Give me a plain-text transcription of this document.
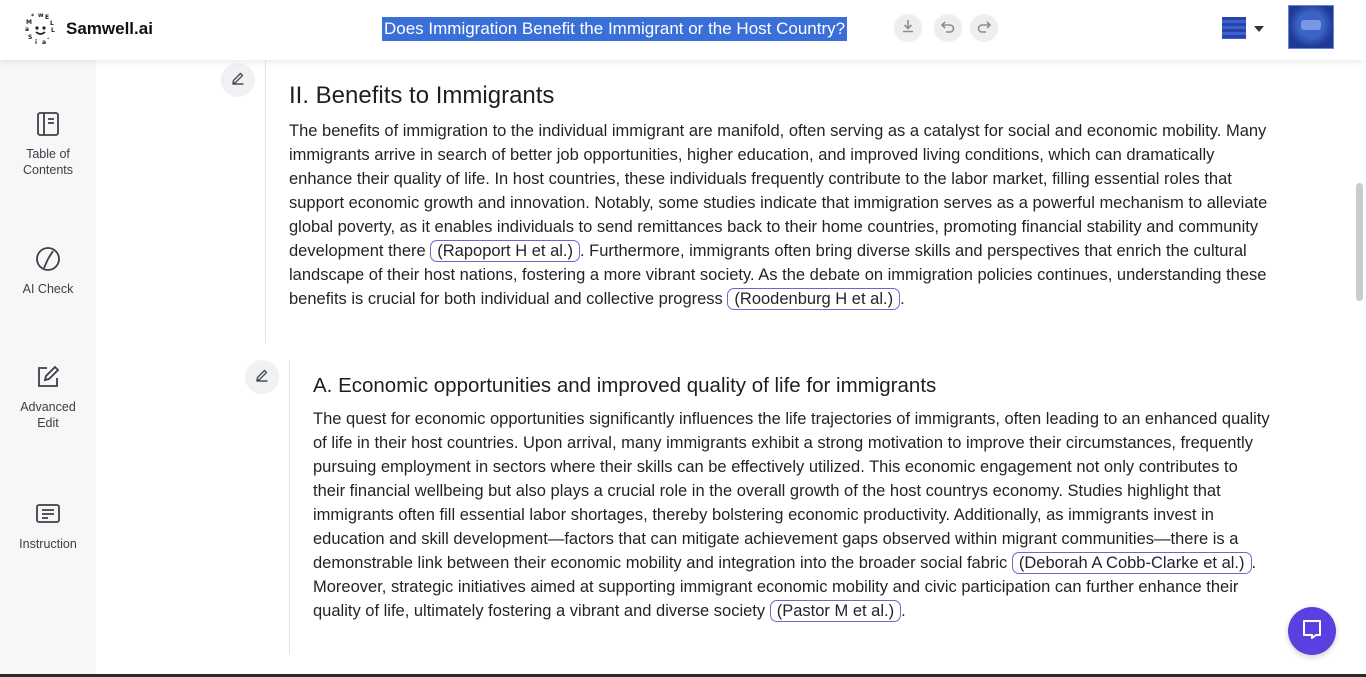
w E
L
L
.
a
i
S
a
M
*
Samwell.ai	Does Immigration Benefit the Immigrant or the Host Country?
Table of
Contents
AI Check
Advanced
Edit
Instruction
II. Benefits to Immigrants

The benefits of immigration to the individual immigrant are manifold, often serving as a catalyst for social and economic mobility. Many immigrants arrive in search of better job opportunities, higher education, and improved living conditions, which can dramatically enhance their quality of life. In host countries, these individuals frequently contribute to the labor market, filling essential roles that support economic growth and innovation. Notably, some studies indicate that immigration serves as a powerful mechanism to alleviate global poverty, as it enables individuals to send remittances back to their home countries, promoting financial stability and community development there (Rapoport H et al.) . Furthermore, immigrants often bring diverse skills and perspectives that enrich the cultural landscape of their host nations, fostering a more vibrant society. As the debate on immigration policies continues, understanding these benefits is crucial for both individual and collective progress (Roodenburg H et al.) .

A. Economic opportunities and improved quality of life for immigrants

The quest for economic opportunities significantly influences the life trajectories of immigrants, often leading to an enhanced quality of life in their host countries. Upon arrival, many immigrants exhibit a strong motivation to improve their circumstances, frequently pursuing employment in sectors where their skills can be effectively utilized. This economic engagement not only contributes to their financial wellbeing but also plays a crucial role in the overall growth of the host countrys economy. Studies highlight that immigrants often fill essential labor shortages, thereby bolstering economic productivity. Additionally, as immigrants invest in education and skill development—factors that can mitigate achievement gaps observed within migrant communities—there is a demonstrable link between their economic mobility and integration into the broader social fabric (Deborah A Cobb-Clarke et al.) . Moreover, strategic initiatives aimed at supporting immigrant economic mobility and civic participation can further enhance their quality of life, ultimately fostering a vibrant and diverse society (Pastor M et al.) .
